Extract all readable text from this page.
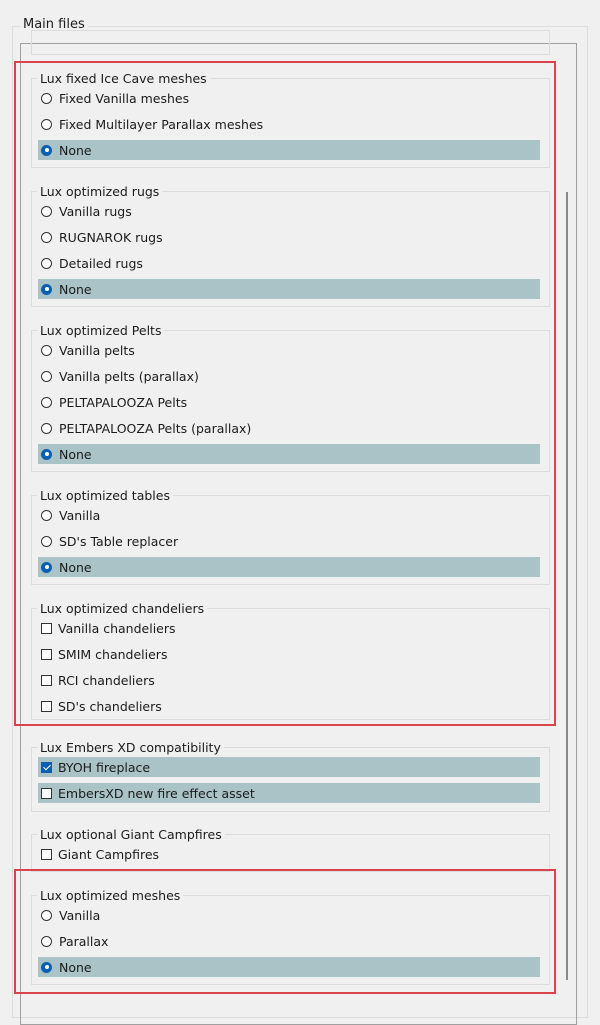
Main files
Lux fixed Ice Cave meshes
Fixed Vanilla meshes
Fixed Multilayer Parallax meshes
None
Lux optimized rugs
Vanilla rugs
RUGNAROK rugs
Detailed rugs
None
Lux optimized Pelts
Vanilla pelts
Vanilla pelts (parallax)
PELTAPALOOZA Pelts
PELTAPALOOZA Pelts (parallax)
None
Lux optimized tables
Vanilla
SD's Table replacer
None
Lux optimized chandeliers
Vanilla chandeliers
SMIM chandeliers
RCI chandeliers
SD's chandeliers
Lux Embers XD compatibility
BYOH fireplace
EmbersXD new fire effect asset
Lux optional Giant Campfires
Giant Campfires
Lux optimized meshes
Vanilla
Parallax
None
